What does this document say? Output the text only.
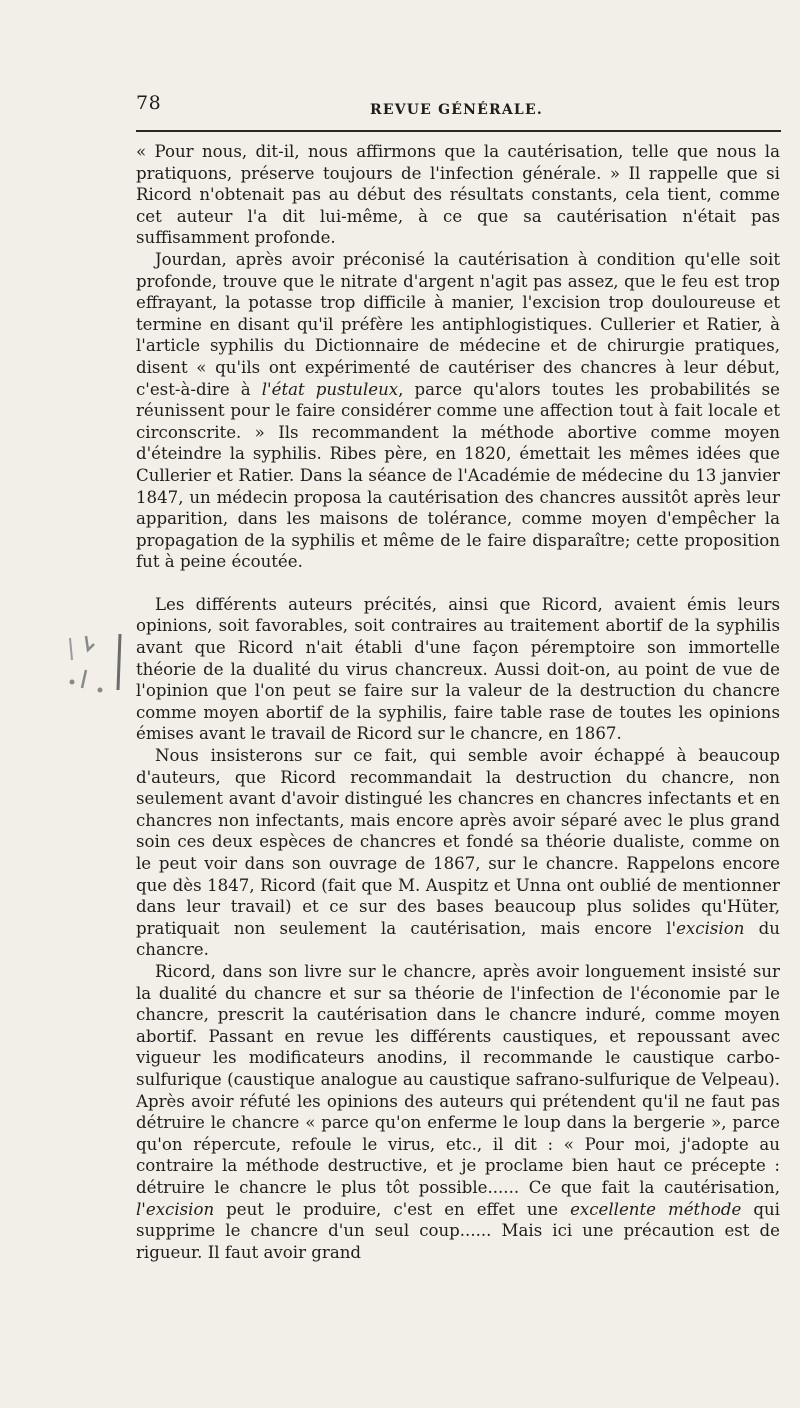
78	REVUE GÉNÉRALE.

« Pour nous, dit-il, nous affirmons que la cautérisation, telle que nous la pratiquons, préserve toujours de l'infection générale. » Il rappelle que si Ricord n'obtenait pas au début des résultats constants, cela tient, comme cet auteur l'a dit lui-même, à ce que sa cautérisation n'était pas suffisamment profonde.

Jourdan, après avoir préconisé la cautérisation à condition qu'elle soit profonde, trouve que le nitrate d'argent n'agit pas assez, que le feu est trop effrayant, la potasse trop difficile à manier, l'excision trop douloureuse et termine en disant qu'il préfère les antiphlogistiques. Cullerier et Ratier, à l'article syphilis du Dictionnaire de médecine et de chirurgie pratiques, disent « qu'ils ont expérimenté de cautériser des chancres à leur début, c'est-à-dire à l'état pustuleux, parce qu'alors toutes les probabilités se réunissent pour le faire considérer comme une affection tout à fait locale et circonscrite. » Ils recommandent la méthode abortive comme moyen d'éteindre la syphilis. Ribes père, en 1820, émettait les mêmes idées que Cullerier et Ratier. Dans la séance de l'Académie de médecine du 13 janvier 1847, un médecin proposa la cautérisation des chancres aussitôt après leur apparition, dans les maisons de tolérance, comme moyen d'empêcher la propagation de la syphilis et même de le faire disparaître; cette proposition fut à peine écoutée.

Les différents auteurs précités, ainsi que Ricord, avaient émis leurs opinions, soit favorables, soit contraires au traitement abortif de la syphilis avant que Ricord n'ait établi d'une façon péremptoire son immortelle théorie de la dualité du virus chancreux. Aussi doit-on, au point de vue de l'opinion que l'on peut se faire sur la valeur de la destruction du chancre comme moyen abortif de la syphilis, faire table rase de toutes les opinions émises avant le travail de Ricord sur le chancre, en 1867.

Nous insisterons sur ce fait, qui semble avoir échappé à beaucoup d'auteurs, que Ricord recommandait la destruction du chancre, non seulement avant d'avoir distingué les chancres en chancres infectants et en chancres non infectants, mais encore après avoir séparé avec le plus grand soin ces deux espèces de chancres et fondé sa théorie dualiste, comme on le peut voir dans son ouvrage de 1867, sur le chancre. Rappelons encore que dès 1847, Ricord (fait que M. Auspitz et Unna ont oublié de mentionner dans leur travail) et ce sur des bases beaucoup plus solides qu'Hüter, pratiquait non seulement la cautérisation, mais encore l'excision du chancre.

Ricord, dans son livre sur le chancre, après avoir longuement insisté sur la dualité du chancre et sur sa théorie de l'infection de l'économie par le chancre, prescrit la cautérisation dans le chancre induré, comme moyen abortif. Passant en revue les différents caustiques, et repoussant avec vigueur les modificateurs anodins, il recommande le caustique carbo-sulfurique (caustique analogue au caustique safrano-sulfurique de Velpeau). Après avoir réfuté les opinions des auteurs qui prétendent qu'il ne faut pas détruire le chancre « parce qu'on enferme le loup dans la bergerie », parce qu'on répercute, refoule le virus, etc., il dit : « Pour moi, j'adopte au contraire la méthode destructive, et je proclame bien haut ce précepte : détruire le chancre le plus tôt possible...... Ce que fait la cautérisation, l'excision peut le produire, c'est en effet une excellente méthode qui supprime le chancre d'un seul coup...... Mais ici une précaution est de rigueur. Il faut avoir grand
